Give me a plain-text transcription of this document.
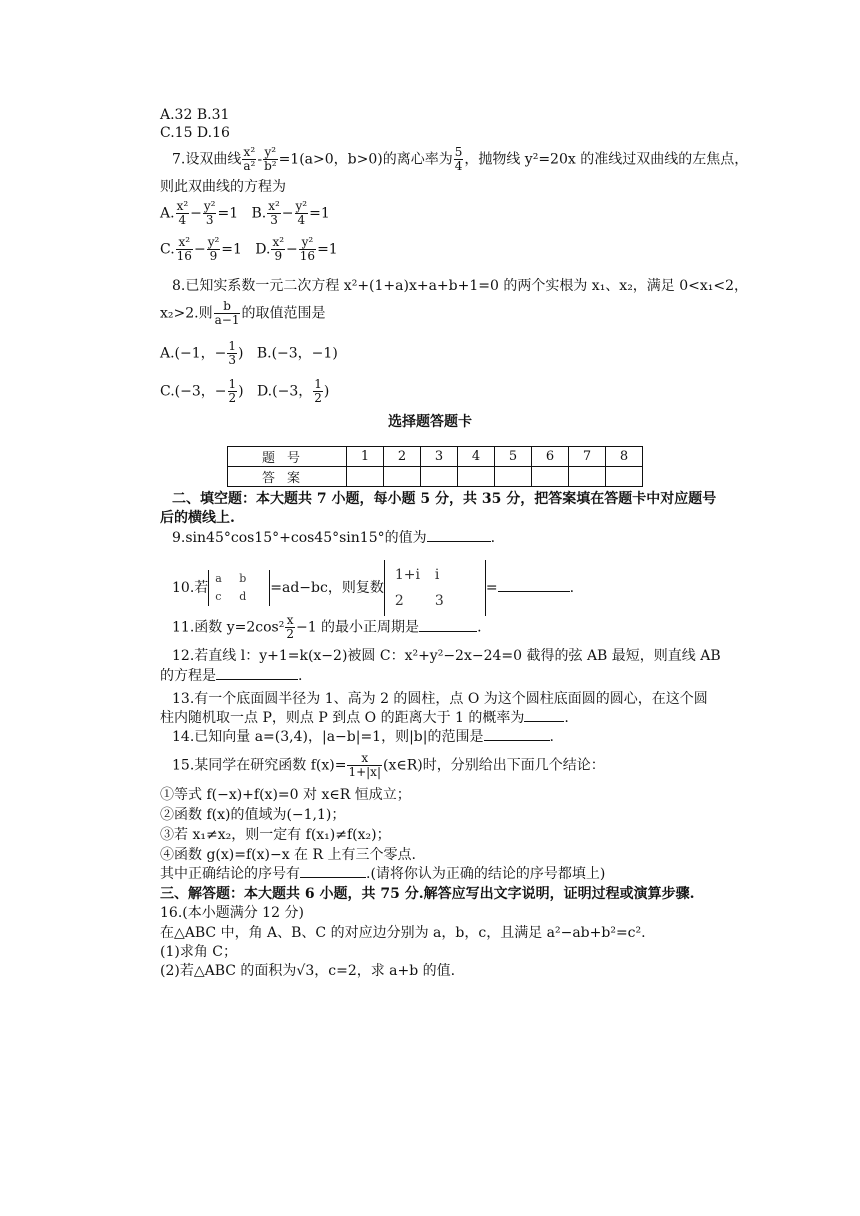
A.32 B.31
C.15 D.16
7.设双曲线 $\frac{\text{x²}}{\text{a²}} - \frac{\text{y²}}{\text{b²}} =1(a>0$，b>0)的离心率为 $\frac{5}{4}$ ，抛物线 y²=20x 的准线过双曲线的左焦点，
则此双曲线的方程为
A. $\frac{\text{x²}}{4} - \frac{\text{y²}}{3} =1$ B. $\frac{\text{x²}}{3} - \frac{\text{y²}}{4} =1$
C. $\frac{\text{x²}}{16} - \frac{\text{y²}}{9} =1$ D. $\frac{\text{x²}}{9} - \frac{\text{y²}}{16} =1$
8.已知实系数一元二次方程 x²+(1+a)x+a+b+1=0 的两个实根为 x₁、x₂，满足 0<x₁<2，
x₂>2.则 $\frac{b}{a-1}$ 的取值范围是
A.(−1，− $\frac{1}{3}$ )   B.(−3，−1)
C.(−3，− $\frac{1}{2}$ )   D.(−3， $\frac{1}{2}$ )
选择题答题卡
题号	1	2	3	4	5	6	7	8
答案								
二、填空题：本大题共 7 小题，每小题 5 分，共 35 分，把答案填在答题卡中对应题号
后的横线上.
9.sin45°cos15°+cos45°sin15°的值为	.
10.若a b
c d=ad−bc，则复数1+i i
2 3=	.
11.函数 $y=2\cos^2 \frac{x}{2} -1$ 的最小正周期是	.
12.若直线 l：y+1=k(x−2)被圆 C：x²+y²−2x−24=0 截得的弦 AB 最短，则直线 AB
的方程是	.
13.有一个底面圆半径为 1、高为 2 的圆柱，点 O 为这个圆柱底面圆的圆心，在这个圆
柱内随机取一点 P，则点 P 到点 O 的距离大于 1 的概率为	.
14.已知向量 a=(3,4)，|a−b|=1，则|b|的范围是	.
15.某同学在研究函数 $f(x)= \frac{x}{1+|x|}$ (x∈R)时，分别给出下面几个结论：
①等式 f(−x)+f(x)=0 对 x∈R 恒成立；
②函数 f(x)的值域为(−1,1)；
③若 x₁≠x₂，则一定有 f(x₁)≠f(x₂)；
④函数 g(x)=f(x)−x 在 R 上有三个零点.
其中正确结论的序号有	.(请将你认为正确的结论的序号都填上)
三、解答题：本大题共 6 小题，共 75 分.解答应写出文字说明，证明过程或演算步骤.
16.(本小题满分 12 分)
在△ABC 中，角 A、B、C 的对应边分别为 a，b，c，且满足 a²−ab+b²=c².
(1)求角 C；
(2)若△ABC 的面积为√3，c=2，求 a+b 的值.
